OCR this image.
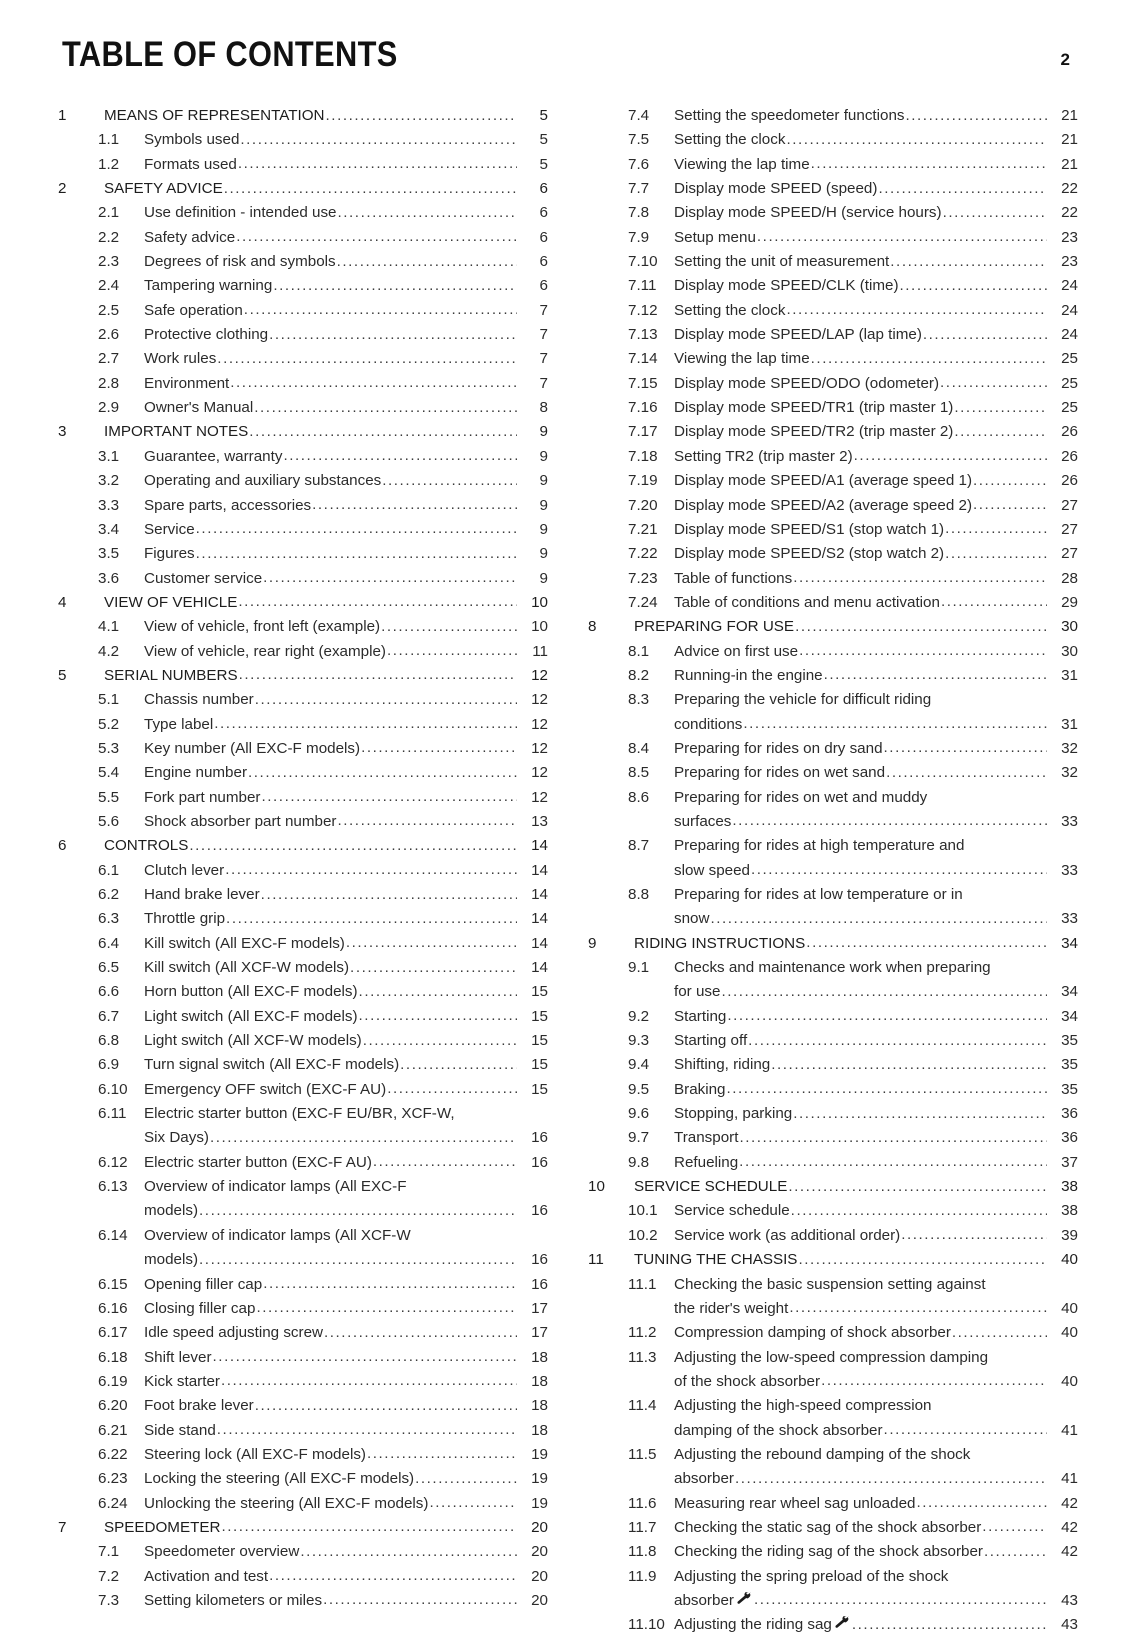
TABLE OF CONTENTS	2
1	MEANS OF REPRESENTATION .....	5
1.1	Symbols used .....	5
1.2	Formats used .....	5
2	SAFETY ADVICE .....	6
2.1	Use definition - intended use .....	6
2.2	Safety advice .....	6
2.3	Degrees of risk and symbols .....	6
2.4	Tampering warning .....	6
2.5	Safe operation .....	7
2.6	Protective clothing .....	7
2.7	Work rules .....	7
2.8	Environment .....	7
2.9	Owner's Manual .....	8
3	IMPORTANT NOTES .....	9
3.1	Guarantee, warranty .....	9
3.2	Operating and auxiliary substances .....	9
3.3	Spare parts, accessories .....	9
3.4	Service .....	9
3.5	Figures .....	9
3.6	Customer service .....	9
4	VIEW OF VEHICLE .....	10
4.1	View of vehicle, front left (example) .....	10
4.2	View of vehicle, rear right (example) .....	11
5	SERIAL NUMBERS .....	12
5.1	Chassis number .....	12
5.2	Type label .....	12
5.3	Key number (All EXC-F models) .....	12
5.4	Engine number .....	12
5.5	Fork part number .....	12
5.6	Shock absorber part number .....	13
6	CONTROLS .....	14
6.1	Clutch lever .....	14
6.2	Hand brake lever .....	14
6.3	Throttle grip .....	14
6.4	Kill switch (All EXC-F models) .....	14
6.5	Kill switch (All XCF-W models) .....	14
6.6	Horn button (All EXC-F models) .....	15
6.7	Light switch (All EXC-F models) .....	15
6.8	Light switch (All XCF-W models) .....	15
6.9	Turn signal switch (All EXC-F models) .....	15
6.10	Emergency OFF switch (EXC-F AU) .....	15
6.11	Electric starter button (EXC-F EU/BR, XCF-W,
Six Days) .....	16
6.12	Electric starter button (EXC-F AU) .....	16
6.13	Overview of indicator lamps (All EXC-F
models) .....	16
6.14	Overview of indicator lamps (All XCF-W
models) .....	16
6.15	Opening filler cap .....	16
6.16	Closing filler cap .....	17
6.17	Idle speed adjusting screw .....	17
6.18	Shift lever .....	18
6.19	Kick starter .....	18
6.20	Foot brake lever .....	18
6.21	Side stand .....	18
6.22	Steering lock (All EXC-F models) .....	19
6.23	Locking the steering (All EXC-F models) .....	19
6.24	Unlocking the steering (All EXC-F models) .....	19
7	SPEEDOMETER .....	20
7.1	Speedometer overview .....	20
7.2	Activation and test .....	20
7.3	Setting kilometers or miles .....	20
7.4	Setting the speedometer functions .....	21
7.5	Setting the clock .....	21
7.6	Viewing the lap time .....	21
7.7	Display mode SPEED (speed) .....	22
7.8	Display mode SPEED/H (service hours) .....	22
7.9	Setup menu .....	23
7.10	Setting the unit of measurement .....	23
7.11	Display mode SPEED/CLK (time) .....	24
7.12	Setting the clock .....	24
7.13	Display mode SPEED/LAP (lap time) .....	24
7.14	Viewing the lap time .....	25
7.15	Display mode SPEED/ODO (odometer) .....	25
7.16	Display mode SPEED/TR1 (trip master 1) .....	25
7.17	Display mode SPEED/TR2 (trip master 2) .....	26
7.18	Setting TR2 (trip master 2) .....	26
7.19	Display mode SPEED/A1 (average speed 1) .....	26
7.20	Display mode SPEED/A2 (average speed 2) .....	27
7.21	Display mode SPEED/S1 (stop watch 1) .....	27
7.22	Display mode SPEED/S2 (stop watch 2) .....	27
7.23	Table of functions .....	28
7.24	Table of conditions and menu activation .....	29
8	PREPARING FOR USE .....	30
8.1	Advice on first use .....	30
8.2	Running-in the engine .....	31
8.3	Preparing the vehicle for difficult riding
conditions .....	31
8.4	Preparing for rides on dry sand .....	32
8.5	Preparing for rides on wet sand .....	32
8.6	Preparing for rides on wet and muddy
surfaces .....	33
8.7	Preparing for rides at high temperature and
slow speed .....	33
8.8	Preparing for rides at low temperature or in
snow .....	33
9	RIDING INSTRUCTIONS .....	34
9.1	Checks and maintenance work when preparing
for use .....	34
9.2	Starting .....	34
9.3	Starting off .....	35
9.4	Shifting, riding .....	35
9.5	Braking .....	35
9.6	Stopping, parking .....	36
9.7	Transport .....	36
9.8	Refueling .....	37
10	SERVICE SCHEDULE .....	38
10.1	Service schedule .....	38
10.2	Service work (as additional order) .....	39
11	TUNING THE CHASSIS .....	40
11.1	Checking the basic suspension setting against
the rider's weight .....	40
11.2	Compression damping of shock absorber .....	40
11.3	Adjusting the low-speed compression damping
of the shock absorber .....	40
11.4	Adjusting the high-speed compression
damping of the shock absorber .....	41
11.5	Adjusting the rebound damping of the shock
absorber .....	41
11.6	Measuring rear wheel sag unloaded .....	42
11.7	Checking the static sag of the shock absorber .....	42
11.8	Checking the riding sag of the shock absorber .....	42
11.9	Adjusting the spring preload of the shock
absorber .....	43
11.10 Adjusting the riding sag .....	43
